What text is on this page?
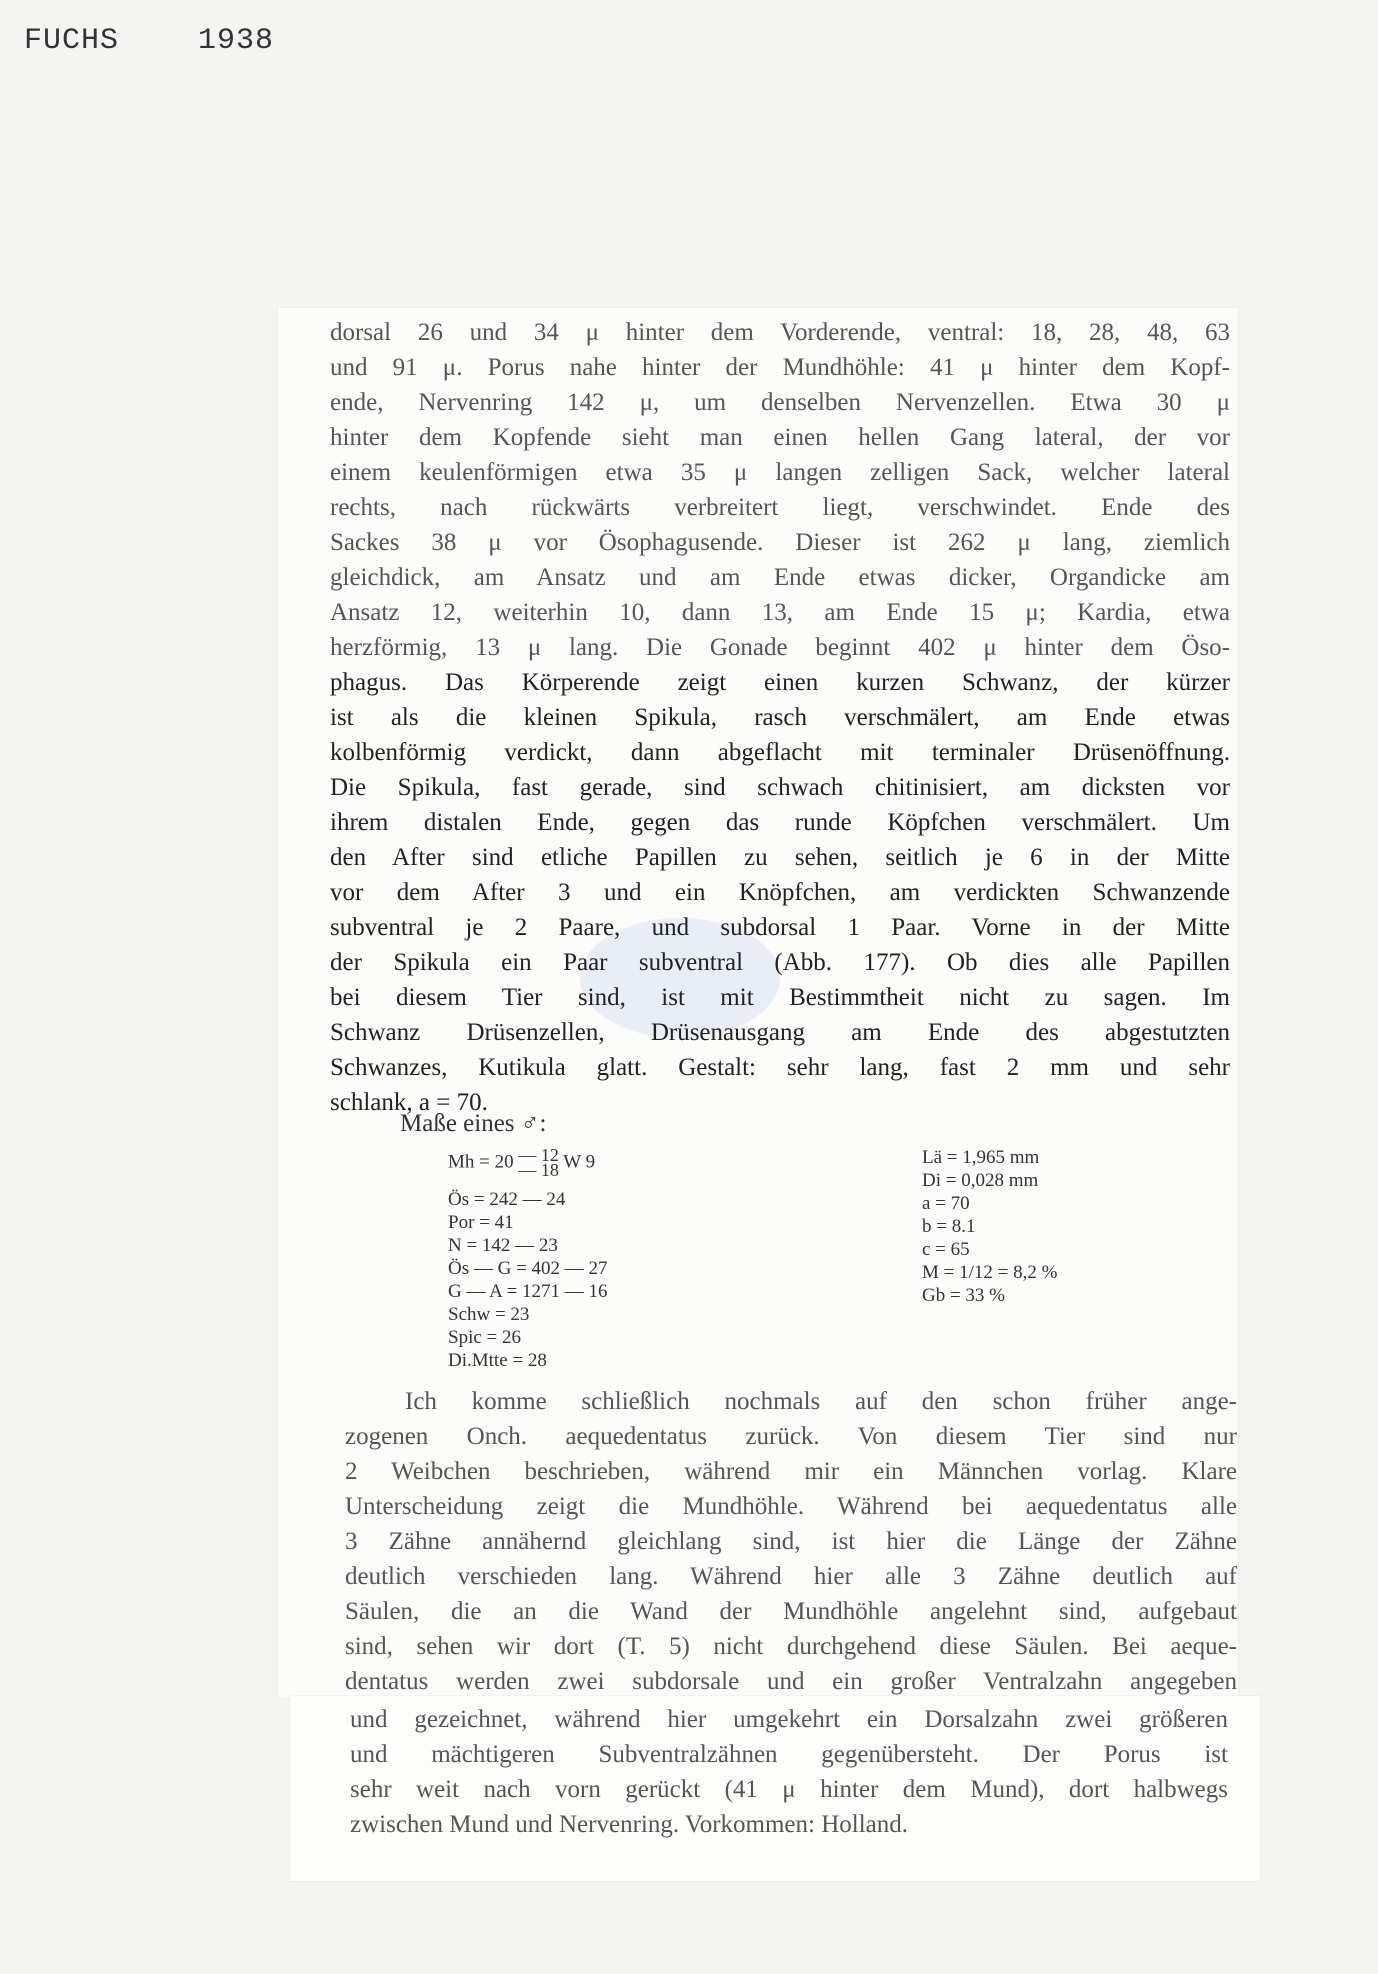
FUCHS	1938
dorsal 26 und 34 μ hinter dem Vorderende, ventral: 18, 28, 48, 63
und 91 μ. Porus nahe hinter der Mundhöhle: 41 μ hinter dem Kopf-
ende, Nervenring 142 μ, um denselben Nervenzellen. Etwa 30 μ
hinter dem Kopfende sieht man einen hellen Gang lateral, der vor
einem keulenförmigen etwa 35 μ langen zelligen Sack, welcher lateral
rechts, nach rückwärts verbreitert liegt, verschwindet. Ende des
Sackes 38 μ vor Ösophagusende. Dieser ist 262 μ lang, ziemlich
gleichdick, am Ansatz und am Ende etwas dicker, Organdicke am
Ansatz 12, weiterhin 10, dann 13, am Ende 15 μ; Kardia, etwa
herzförmig, 13 μ lang. Die Gonade beginnt 402 μ hinter dem Öso-
phagus. Das Körperende zeigt einen kurzen Schwanz, der kürzer
ist als die kleinen Spikula, rasch verschmälert, am Ende etwas
kolbenförmig verdickt, dann abgeflacht mit terminaler Drüsenöffnung.
Die Spikula, fast gerade, sind schwach chitinisiert, am dicksten vor
ihrem distalen Ende, gegen das runde Köpfchen verschmälert. Um
den After sind etliche Papillen zu sehen, seitlich je 6 in der Mitte
vor dem After 3 und ein Knöpfchen, am verdickten Schwanzende
subventral je 2 Paare, und subdorsal 1 Paar. Vorne in der Mitte
der Spikula ein Paar subventral (Abb. 177). Ob dies alle Papillen
bei diesem Tier sind, ist mit Bestimmtheit nicht zu sagen. Im
Schwanz Drüsenzellen, Drüsenausgang am Ende des abgestutzten
Schwanzes, Kutikula glatt. Gestalt: sehr lang, fast 2 mm und sehr
schlank, a = 70.
Maße eines ♂:
Mh = 20 — 12
— 18 W 9
Ös = 242 — 24
Por = 41
N = 142 — 23
Ös — G = 402 — 27
G — A = 1271 — 16
Schw = 23
Spic = 26
Di.Mtte = 28
Lä = 1,965 mm
Di = 0,028 mm
a = 70
b = 8.1
c = 65
M = 1/12 = 8,2 %
Gb = 33 %
Ich komme schließlich nochmals auf den schon früher ange-
zogenen Onch. aequedentatus zurück. Von diesem Tier sind nur
2 Weibchen beschrieben, während mir ein Männchen vorlag. Klare
Unterscheidung zeigt die Mundhöhle. Während bei aequedentatus alle
3 Zähne annähernd gleichlang sind, ist hier die Länge der Zähne
deutlich verschieden lang. Während hier alle 3 Zähne deutlich auf
Säulen, die an die Wand der Mundhöhle angelehnt sind, aufgebaut
sind, sehen wir dort (T. 5) nicht durchgehend diese Säulen. Bei aeque-
dentatus werden zwei subdorsale und ein großer Ventralzahn angegeben
und gezeichnet, während hier umgekehrt ein Dorsalzahn zwei größeren
und mächtigeren Subventralzähnen gegenübersteht. Der Porus ist
sehr weit nach vorn gerückt (41 μ hinter dem Mund), dort halbwegs
zwischen Mund und Nervenring. Vorkommen: Holland.
